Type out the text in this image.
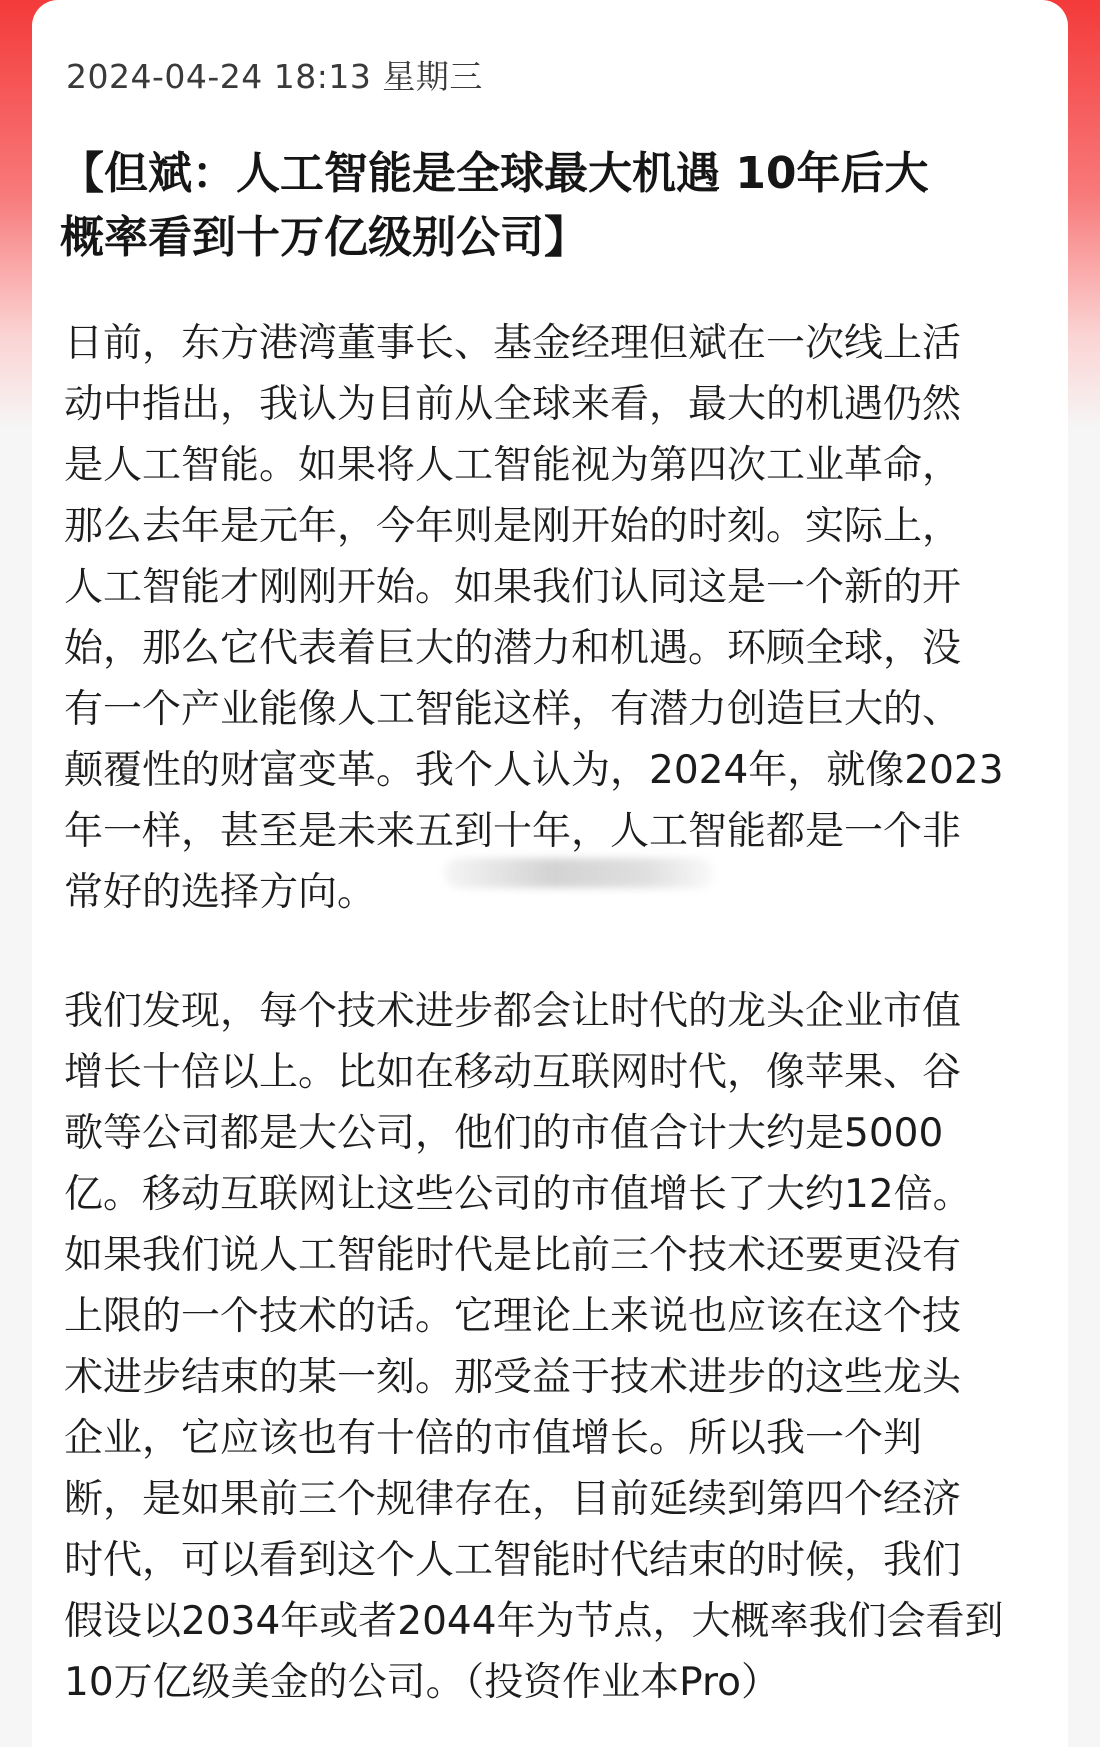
2024-04-24 18:13 星期三
【但斌：人工智能是全球最大机遇 10年后大
概率看到十万亿级别公司】
日前，东方港湾董事长、基金经理但斌在一次线上活
动中指出，我认为目前从全球来看，最大的机遇仍然
是人工智能。如果将人工智能视为第四次工业革命，
那么去年是元年，今年则是刚开始的时刻。实际上，
人工智能才刚刚开始。如果我们认同这是一个新的开
始，那么它代表着巨大的潜力和机遇。环顾全球，没
有一个产业能像人工智能这样，有潜力创造巨大的、
颠覆性的财富变革。我个人认为，2024年，就像2023
年一样，甚至是未来五到十年，人工智能都是一个非
常好的选择方向。
我们发现，每个技术进步都会让时代的龙头企业市值
增长十倍以上。比如在移动互联网时代，像苹果、谷
歌等公司都是大公司，他们的市值合计大约是5000
亿。移动互联网让这些公司的市值增长了大约12倍。
如果我们说人工智能时代是比前三个技术还要更没有
上限的一个技术的话。它理论上来说也应该在这个技
术进步结束的某一刻。那受益于技术进步的这些龙头
企业，它应该也有十倍的市值增长。所以我一个判
断，是如果前三个规律存在，目前延续到第四个经济
时代，可以看到这个人工智能时代结束的时候，我们
假设以2034年或者2044年为节点，大概率我们会看到
10万亿级美金的公司。（投资作业本Pro）
